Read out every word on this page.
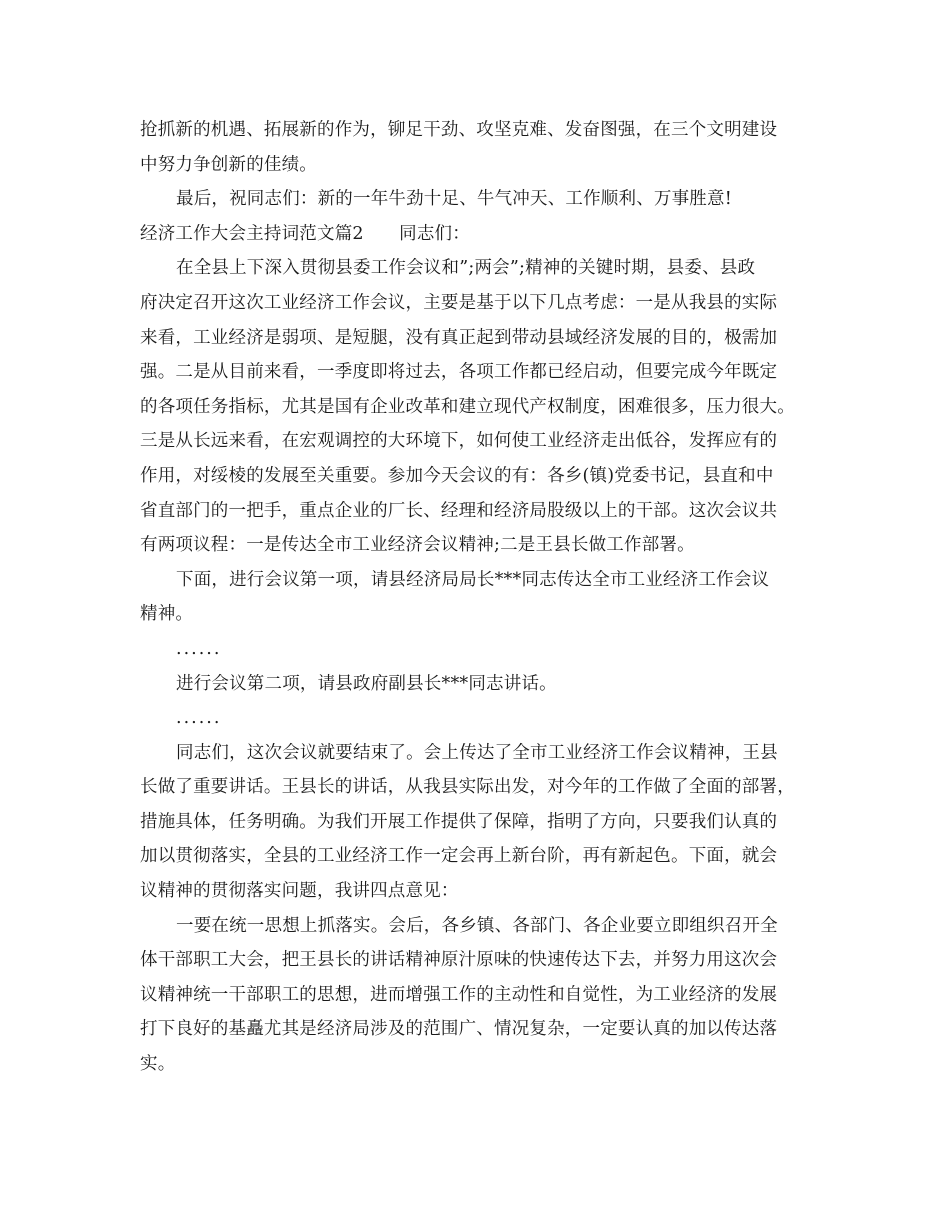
抢抓新的机遇、拓展新的作为，铆足干劲、攻坚克难、发奋图强，在三个文明建设
中努力争创新的佳绩。
最后，祝同志们：新的一年牛劲十足、牛气冲天、工作顺利、万事胜意!
经济工作大会主持词范文篇2　　同志们：
在全县上下深入贯彻县委工作会议和”;两会”;精神的关键时期，县委、县政
府决定召开这次工业经济工作会议，主要是基于以下几点考虑：一是从我县的实际
来看，工业经济是弱项、是短腿，没有真正起到带动县域经济发展的目的，极需加
强。二是从目前来看，一季度即将过去，各项工作都已经启动，但要完成今年既定
的各项任务指标，尤其是国有企业改革和建立现代产权制度，困难很多，压力很大。
三是从长远来看，在宏观调控的大环境下，如何使工业经济走出低谷，发挥应有的
作用，对绥棱的发展至关重要。参加今天会议的有：各乡(镇)党委书记，县直和中
省直部门的一把手，重点企业的厂长、经理和经济局股级以上的干部。这次会议共
有两项议程：一是传达全市工业经济会议精神;二是王县长做工作部署。
下面，进行会议第一项，请县经济局局长***同志传达全市工业经济工作会议
精神。
......
进行会议第二项，请县政府副县长***同志讲话。
......
同志们，这次会议就要结束了。会上传达了全市工业经济工作会议精神，王县
长做了重要讲话。王县长的讲话，从我县实际出发，对今年的工作做了全面的部署，
措施具体，任务明确。为我们开展工作提供了保障，指明了方向，只要我们认真的
加以贯彻落实，全县的工业经济工作一定会再上新台阶，再有新起色。下面，就会
议精神的贯彻落实问题，我讲四点意见：
一要在统一思想上抓落实。会后，各乡镇、各部门、各企业要立即组织召开全
体干部职工大会，把王县长的讲话精神原汁原味的快速传达下去，并努力用这次会
议精神统一干部职工的思想，进而增强工作的主动性和自觉性，为工业经济的发展
打下良好的基矗尤其是经济局涉及的范围广、情况复杂，一定要认真的加以传达落
实。
